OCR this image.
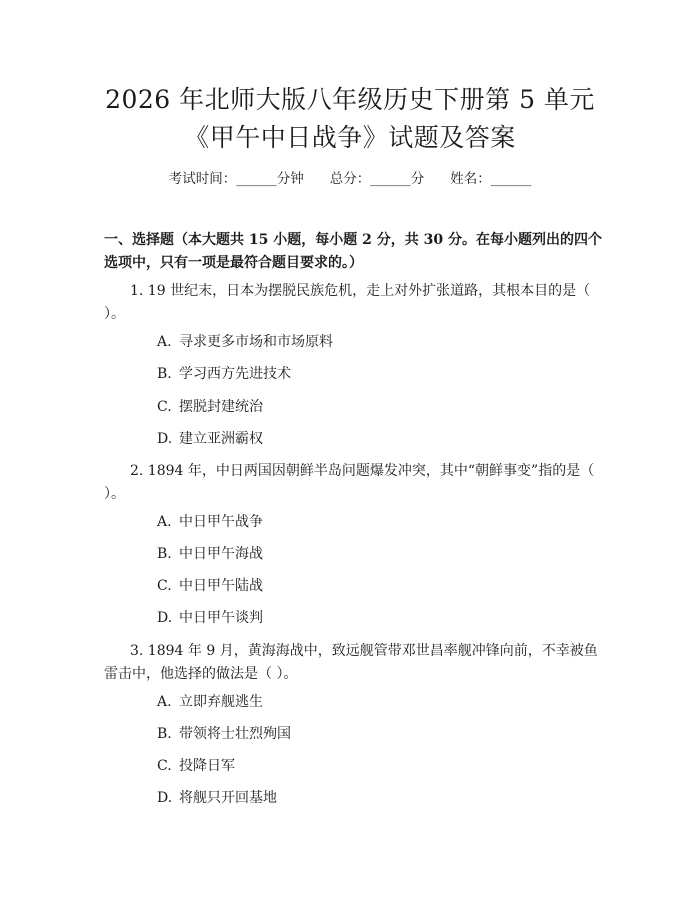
2026 年北师大版八年级历史下册第 5 单元
《甲午中日战争》试题及答案
考试时间：______分钟 总分：______分 姓名：______
一、选择题（本大题共 15 小题，每小题 2 分，共 30 分。在每小题列出的四个选项中，只有一项是最符合题目要求的。）
1. 19 世纪末，日本为摆脱民族危机，走上对外扩张道路，其根本目的是（ ）。
A. 寻求更多市场和市场原料
B. 学习西方先进技术
C. 摆脱封建统治
D. 建立亚洲霸权
2. 1894 年，中日两国因朝鲜半岛问题爆发冲突，其中“朝鲜事变”指的是（ ）。
A. 中日甲午战争
B. 中日甲午海战
C. 中日甲午陆战
D. 中日甲午谈判
3. 1894 年 9 月，黄海海战中，致远舰管带邓世昌率舰冲锋向前，不幸被鱼雷击中，他选择的做法是（ ）。
A. 立即弃舰逃生
B. 带领将士壮烈殉国
C. 投降日军
D. 将舰只开回基地
